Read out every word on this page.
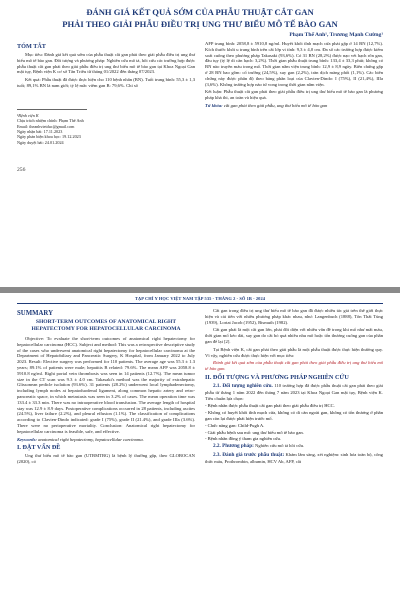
ĐÁNH GIÁ KẾT QUẢ SỚM CỦA PHẪU THUẬT CẮT GAN
PHẢI THEO GIẢI PHẪU ĐIỀU TRỊ UNG THƯ BIỂU MÔ TẾ BÀO GAN
Phạm Thế Anh¹, Trương Mạnh Cường¹
TÓM TẮT

Mục tiêu: Đánh giá kết quả sớm của phẫu thuật cắt gan phải theo giải phẫu điều trị ung thư biểu mô tế bào gan. Đối tượng và phương pháp: Nghiên cứu mô tả, hồi cứu các trường hợp được phẫu thuật cắt gan phải theo giải phẫu điều trị ung thư biểu mô tế bào gan tại Khoa Ngoại Gan mật tụy, Bệnh viện K cơ sở Tân Triều từ tháng 01/2022 đến tháng 07/2023.

Kết quả: Phẫu thuật đã được thực hiện cho 110 bệnh nhân (BN). Tuổi trung bình: 55,3 ± 1,3 tuổi; 89,1% BN là nam giới; tỷ lệ mắc viêm gan B: 79,6%. Chỉ số

¹Bệnh viện K

Chịu trách nhiệm chính: Phạm Thế Anh

Email: theanhvietduc@gmail.com

Ngày nhận bài: 17.11.2023

Ngày phản biện khoa học: 19.12.2023

Ngày duyệt bài: 24.01.2024

AFP trung bình: 2058,8 ± 5910,8 ng/ml. Huyết khối tĩnh mạch cửa phải gặp ở 14 BN (12,7%). Kích thước khối u trung bình trên cắt lớp vi tính: 9,3 ± 4,0 cm. Đa số các trường hợp được kiểm soát cuống theo phương pháp Takasaki (93,6%). Có 31 BN (28,2%) được nạo vét hạch rốn gan, đầu tụy (tỷ lệ di căn hạch: 3,2%). Thời gian phẫu thuật trung bình: 133,4 ± 33,3 phút; không có BN nào truyền máu trong mổ. Thời gian nằm viện trung bình: 12,9 ± 8,9 ngày. Biến chứng gặp ở 28 BN bao gồm: cổ trướng (24,5%), suy gan (2,2%), tràn dịch màng phổi (1,1%). Các biến chứng này được phân độ theo bảng phân loại của Clavien-Dindo: I (75%), II (21,4%), IIIa (3,6%). Không trường hợp nào tử vong trong thời gian nằm viện.

Kết luận: Phẫu thuật cắt gan phải theo giải phẫu điều trị ung thư biểu mô tế bào gan là phương pháp khả thi, an toàn và hiệu quả.

Từ khóa: cắt gan phải theo giải phẫu, ung thư biểu mô tế bào gan

256
TẠP CHÍ Y HỌC VIỆT NAM TẬP 535 - THÁNG 2 - SỐ 1B - 2024
SUMMARY
SHORT-TERM OUTCOMES OF ANATOMICAL RIGHT HEPATECTOMY FOR HEPATOCELLULAR CARCINOMA

Objective: To evaluate the short-term outcomes of anatomical right hepatectomy for hepatocellular carcinoma (HCC). Subject and method: This was a retrospective descriptive study of the cases who underwent anatomical right hepatectomy for hepatocellular carcinoma at the Department of Hepatobiliary and Pancreatic Surgery, K Hospital, from January 2022 to July 2023. Result: Elective surgery was performed for 110 patients. The average age was 55.3 ± 1.3 years; 89.1% of patients were male; hepatitis B related: 79.6%. The mean AFP was 2058.8 ± 5910.8 ng/ml. Right portal vein thrombosis was seen in 14 patients (12.7%). The mean tumor size in the CT scan was 9.3 ± 4.0 cm. Takasaki's method was the majority of extrahepatic Glissonean pedicle isolation (93.6%). 31 patients (28.2%) underwent local lymphadenectomy, including lymph nodes at hepatoduodenal ligament, along common hepatic artery and retro-pancreatic space, in which metastasis was seen in 3.2% of cases. The mean operation time was 133.4 ± 33.3 min. There was no intraoperative blood transfusion. The average length of hospital stay was 12.9 ± 8.9 days. Postoperative complications occurred in 28 patients, including ascites (24.5%), liver failure (2.2%), and pleural effusion (1.1%). The classification of complications according to Clavien-Dindo indicated: grade I (75%), grade II (21.4%), and grade IIIa (3.6%). There were no perioperative mortality. Conclusion: Anatomical right hepatectomy for hepatocellular carcinoma is feasible, safe, and effective.

Keywords: anatomical right hepatectomy, hepatocellular carcinoma.

I. ĐẶT VẤN ĐỀ

Ung thư biểu mô tế bào gan (UTBMTBG) là bệnh lý thường gặp, theo GLOBOCAN (2020), có

Cắt gan trong điều trị ung thư biểu mô tế bào gan đã được nhiều tác giả trên thế giới thực hiện và cải tiến với nhiều phương pháp khác nhau, như: Langenbuch (1888), Tôn Thất Tùng (1939), Lortat Jacob (1952), Bismuth (1982).

Cắt gan phải là một cắt gan lớn, phải đối diện với nhiều vấn đề trong khi mổ như mất máu, thời gian mổ kéo dài, suy gan do cắt bỏ quá nhiều nhu mô hoặc tổn thương cuống gan của phần gan để lại [2].

Tại Bệnh viện K, cắt gan phải theo giải phẫu là một phẫu thuật được thực hiện thường quy. Vì vậy, nghiên cứu được thực hiện với mục tiêu:

Đánh giá kết quả sớm của phẫu thuật cắt gan phải theo giải phẫu điều trị ung thư biểu mô tế bào gan.

II. ĐỐI TƯỢNG VÀ PHƯƠNG PHÁP NGHIÊN CỨU

2.1. Đối tượng nghiên cứu. 110 trường hợp đã được phẫu thuật cắt gan phải theo giải phẫu từ tháng 1 năm 2022 đến tháng 7 năm 2023 tại Khoa Ngoại Gan mật tụy, Bệnh viện K. Tiêu chuẩn lựa chọn:

- Bệnh nhân được phẫu thuật cắt gan phải theo giải phẫu điều trị HCC.

- Không có huyết khối tĩnh mạch cửa, không có di căn ngoài gan, không có tổn thương ở phần gan còn lại được phát hiện trước mổ.

- Chức năng gan: Child-Pugh A.

- Giải phẫu bệnh sau mổ: ung thư biểu mô tế bào gan.

- Bệnh nhân đồng ý tham gia nghiên cứu.

2.2. Phương pháp: Nghiên cứu mô tả hồi cứu.

2.3. Đánh giá trước phẫu thuật: Khám lâm sàng, xét nghiệm: sinh hóa toàn bộ, công thức máu, Prothrombin, albumin, HCV Ab, AFP, cắt
